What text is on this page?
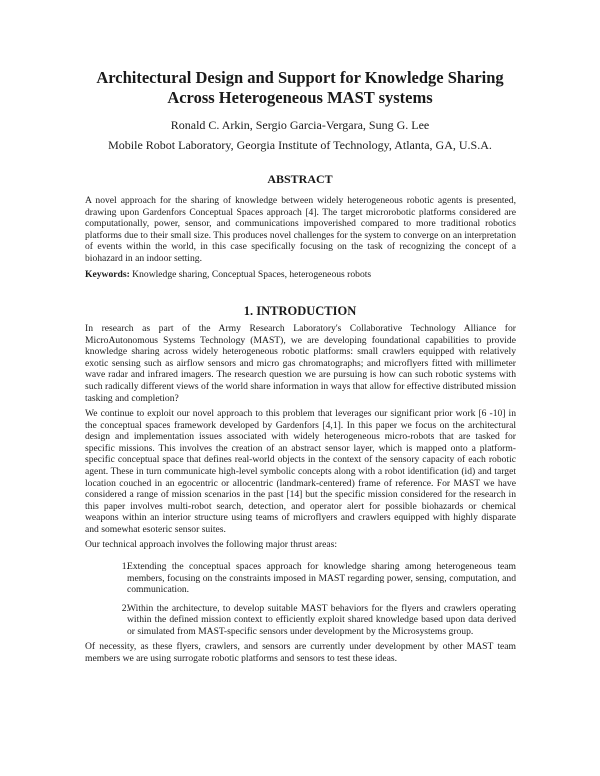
Architectural Design and Support for Knowledge Sharing
Across Heterogeneous MAST systems
Ronald C. Arkin, Sergio Garcia-Vergara, Sung G. Lee
Mobile Robot Laboratory, Georgia Institute of Technology, Atlanta, GA, U.S.A.
ABSTRACT
A novel approach for the sharing of knowledge between widely heterogeneous robotic agents is presented, drawing upon Gardenfors Conceptual Spaces approach [4]. The target microrobotic platforms considered are computationally, power, sensor, and communications impoverished compared to more traditional robotics platforms due to their small size. This produces novel challenges for the system to converge on an interpretation of events within the world, in this case specifically focusing on the task of recognizing the concept of a biohazard in an indoor setting.
Keywords: Knowledge sharing, Conceptual Spaces, heterogeneous robots
1. INTRODUCTION
In research as part of the Army Research Laboratory's Collaborative Technology Alliance for MicroAutonomous Systems Technology (MAST), we are developing foundational capabilities to provide knowledge sharing across widely heterogeneous robotic platforms: small crawlers equipped with relatively exotic sensing such as airflow sensors and micro gas chromatographs; and microflyers fitted with millimeter wave radar and infrared imagers. The research question we are pursuing is how can such robotic systems with such radically different views of the world share information in ways that allow for effective distributed mission tasking and completion?
We continue to exploit our novel approach to this problem that leverages our significant prior work [6 -10] in the conceptual spaces framework developed by Gardenfors [4,1]. In this paper we focus on the architectural design and implementation issues associated with widely heterogeneous micro-robots that are tasked for specific missions. This involves the creation of an abstract sensor layer, which is mapped onto a platform-specific conceptual space that defines real-world objects in the context of the sensory capacity of each robotic agent. These in turn communicate high-level symbolic concepts along with a robot identification (id) and target location couched in an egocentric or allocentric (landmark-centered) frame of reference. For MAST we have considered a range of mission scenarios in the past [14] but the specific mission considered for the research in this paper involves multi-robot search, detection, and operator alert for possible biohazards or chemical weapons within an interior structure using teams of microflyers and crawlers equipped with highly disparate and somewhat esoteric sensor suites.
Our technical approach involves the following major thrust areas:
1.
Extending the conceptual spaces approach for knowledge sharing among heterogeneous team members, focusing on the constraints imposed in MAST regarding power, sensing, computation, and communication.
2.
Within the architecture, to develop suitable MAST behaviors for the flyers and crawlers operating within the defined mission context to efficiently exploit shared knowledge based upon data derived or simulated from MAST-specific sensors under development by the Microsystems group.
Of necessity, as these flyers, crawlers, and sensors are currently under development by other MAST team members we are using surrogate robotic platforms and sensors to test these ideas.
